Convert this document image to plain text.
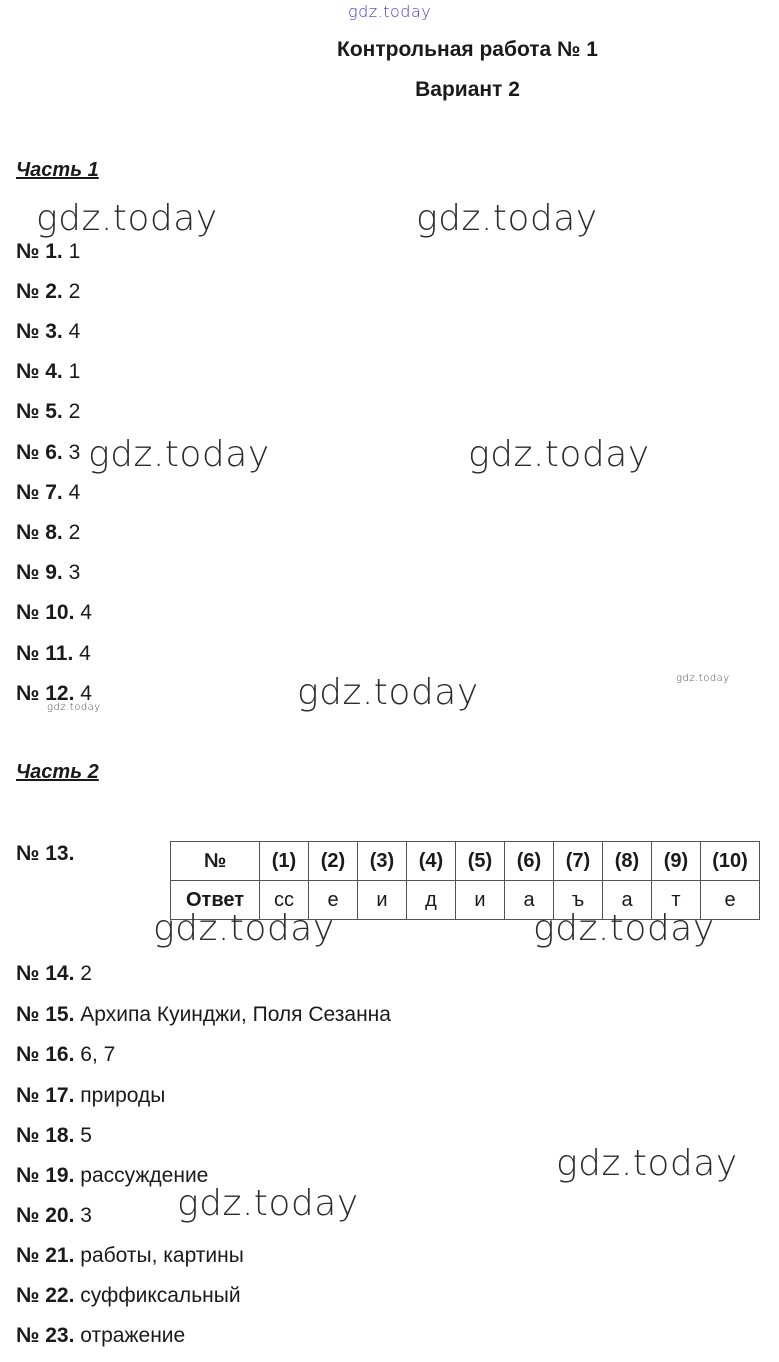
gdz.today
gdz.today	gdz.today
gdz.today	gdz.today
gdz.today	gdz.today
gdz.today
Контрольная работа № 1
Вариант 2
Часть 1
№ 1. 1
№ 2. 2
№ 3. 4
№ 4. 1
№ 5. 2
№ 6. 3
№ 7. 4
№ 8. 2
№ 9. 3
№ 10. 4
№ 11. 4
№ 12. 4
Часть 2
№ 13.	№	(1)	(2)	(3)	(4)	(5)	(6)	(7)	(8)	(9)	(10)
Ответ	сс	е	и	д	и	а	ъ	а	т	е
gdz.today	gdz.today
№ 14. 2
№ 15. Архипа Куинджи, Поля Сезанна
№ 16. 6, 7
№ 17. природы
№ 18. 5
№ 19. рассуждение
№ 20. 3
№ 21. работы, картины
№ 22. суффиксальный
№ 23. отражение
gdz.today
gdz.today
